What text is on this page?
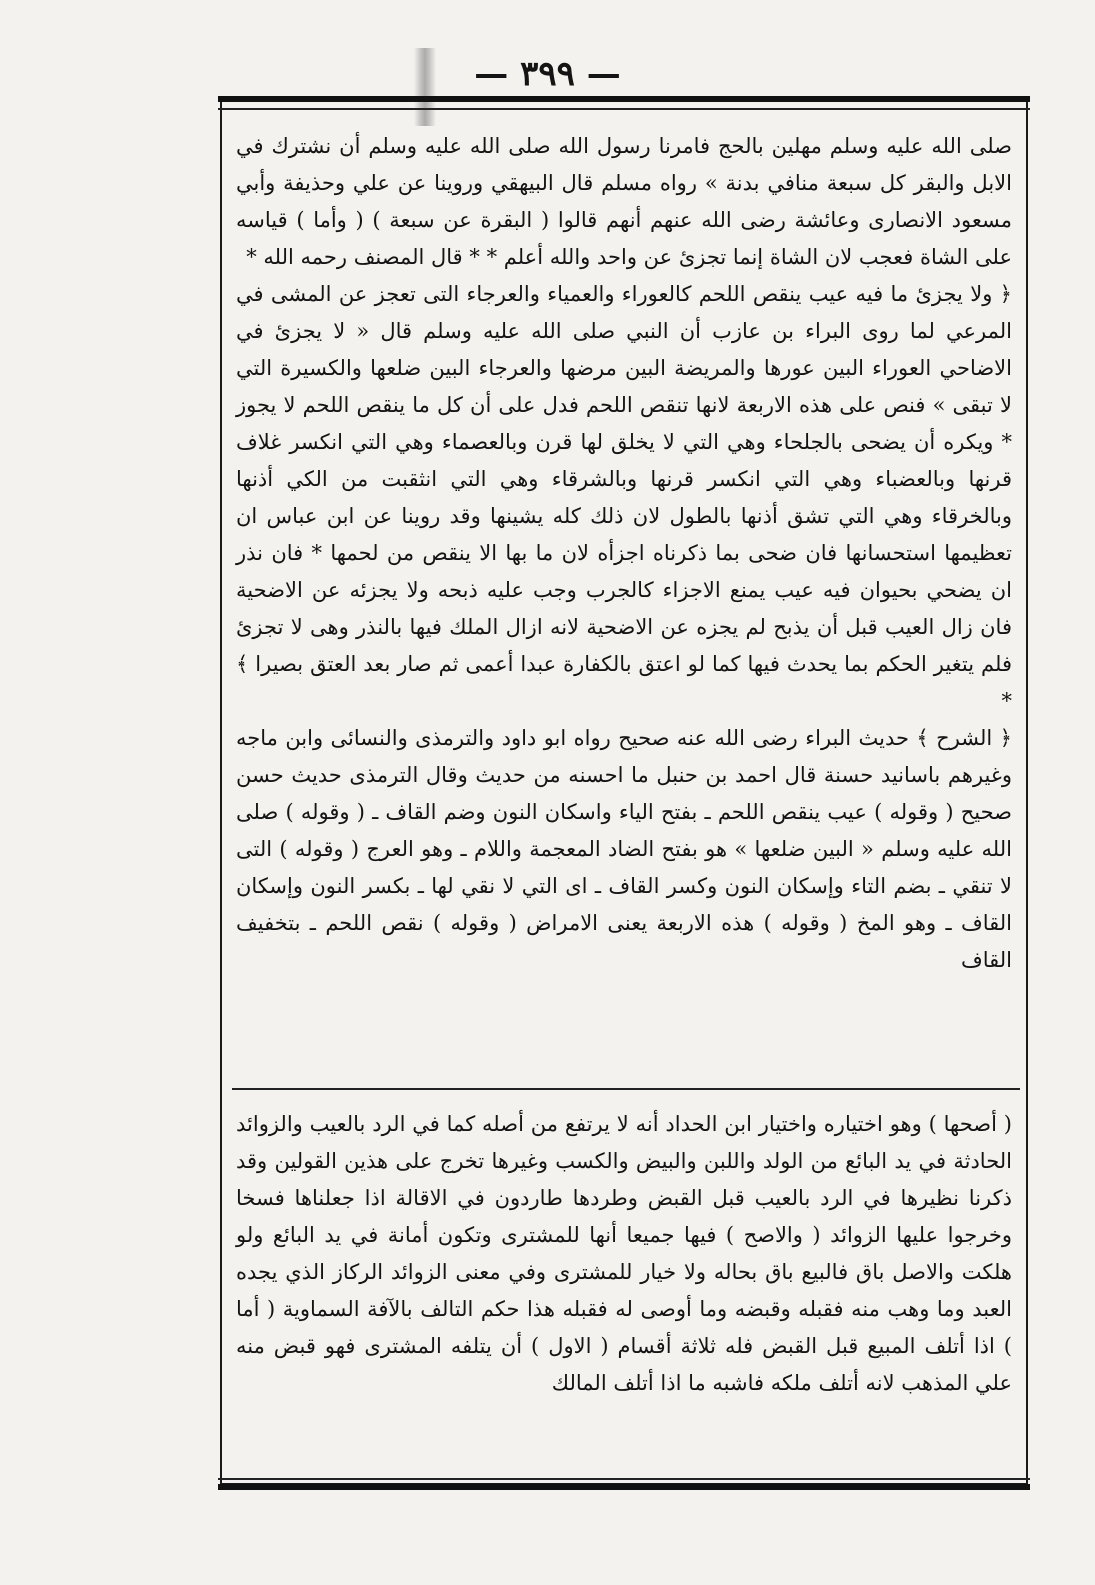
— ٣٩٩ —

صلى الله عليه وسلم مهلين بالحج فامرنا رسول الله صلى الله عليه وسلم أن نشترك في الابل والبقر كل سبعة منافي بدنة » رواه مسلم قال البيهقي وروينا عن علي وحذيفة وأبي مسعود الانصارى وعائشة رضى الله عنهم أنهم قالوا ( البقرة عن سبعة ) ( وأما ) قياسه على الشاة فعجب لان الشاة إنما تجزئ عن واحد والله أعلم * * قال المصنف رحمه الله *

﴿ ولا يجزئ ما فيه عيب ينقص اللحم كالعوراء والعمياء والعرجاء التى تعجز عن المشى في المرعي لما روى البراء بن عازب أن النبي صلى الله عليه وسلم قال « لا يجزئ في الاضاحي العوراء البين عورها والمريضة البين مرضها والعرجاء البين ضلعها والكسيرة التي لا تبقى » فنص على هذه الاربعة لانها تنقص اللحم فدل على أن كل ما ينقص اللحم لا يجوز * ويكره أن يضحى بالجلحاء وهي التي لا يخلق لها قرن وبالعصماء وهي التي انكسر غلاف قرنها وبالعضباء وهي التي انكسر قرنها وبالشرقاء وهي التي انثقبت من الكي أذنها وبالخرقاء وهي التي تشق أذنها بالطول لان ذلك كله يشينها وقد روينا عن ابن عباس ان تعظيمها استحسانها فان ضحى بما ذكرناه اجزأه لان ما بها الا ينقص من لحمها * فان نذر ان يضحي بحيوان فيه عيب يمنع الاجزاء كالجرب وجب عليه ذبحه ولا يجزئه عن الاضحية فان زال العيب قبل أن يذبح لم يجزه عن الاضحية لانه ازال الملك فيها بالنذر وهى لا تجزئ فلم يتغير الحكم بما يحدث فيها كما لو اعتق بالكفارة عبدا أعمى ثم صار بعد العتق بصيرا ﴾ *

﴿ الشرح ﴾ حديث البراء رضى الله عنه صحيح رواه ابو داود والترمذى والنسائى وابن ماجه وغيرهم باسانيد حسنة قال احمد بن حنبل ما احسنه من حديث وقال الترمذى حديث حسن صحيح ( وقوله ) عيب ينقص اللحم ـ بفتح الياء واسكان النون وضم القاف ـ ( وقوله ) صلى الله عليه وسلم « البين ضلعها » هو بفتح الضاد المعجمة واللام ـ وهو العرج ( وقوله ) التى لا تنقي ـ بضم التاء وإسكان النون وكسر القاف ـ اى التي لا نقي لها ـ بكسر النون وإسكان القاف ـ وهو المخ ( وقوله ) هذه الاربعة يعنى الامراض ( وقوله ) نقص اللحم ـ بتخفيف القاف

( أصحها ) وهو اختياره واختيار ابن الحداد أنه لا يرتفع من أصله كما في الرد بالعيب والزوائد الحادثة في يد البائع من الولد واللبن والبيض والكسب وغيرها تخرج على هذين القولين وقد ذكرنا نظيرها في الرد بالعيب قبل القبض وطردها طاردون في الاقالة اذا جعلناها فسخا وخرجوا عليها الزوائد ( والاصح ) فيها جميعا أنها للمشترى وتكون أمانة في يد البائع ولو هلكت والاصل باق فالبيع باق بحاله ولا خيار للمشترى وفي معنى الزوائد الركاز الذي يجده العبد وما وهب منه فقبله وقبضه وما أوصى له فقبله هذا حكم التالف بالآفة السماوية ( أما ) اذا أتلف المبيع قبل القبض فله ثلاثة أقسام ( الاول ) أن يتلفه المشترى فهو قبض منه علي المذهب لانه أتلف ملكه فاشبه ما اذا أتلف المالك
